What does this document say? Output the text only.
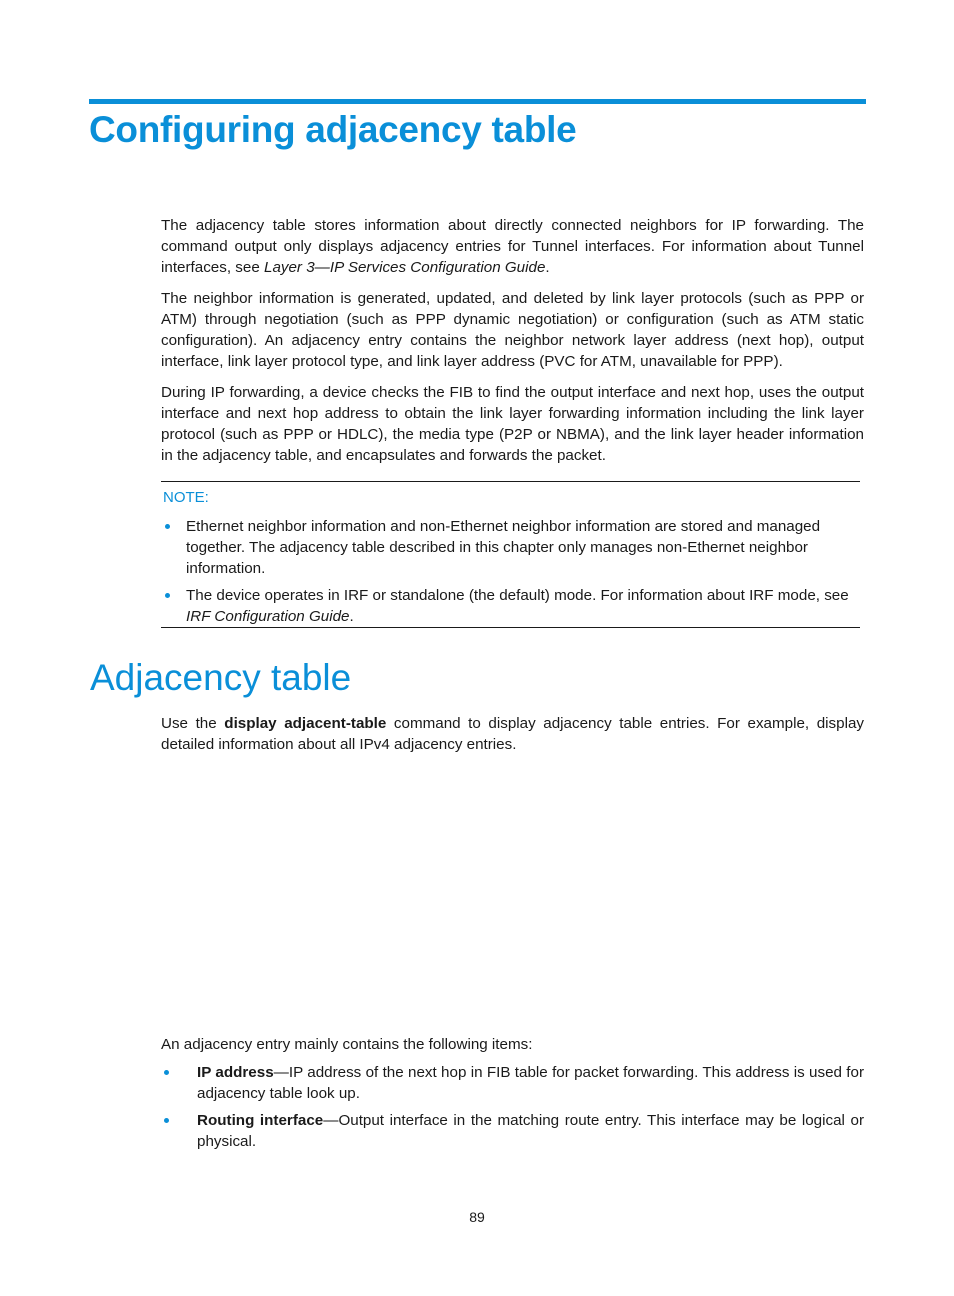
Configuring adjacency table

The adjacency table stores information about directly connected neighbors for IP forwarding. The command output only displays adjacency entries for Tunnel interfaces. For information about Tunnel interfaces, see Layer 3—IP Services Configuration Guide.

The neighbor information is generated, updated, and deleted by link layer protocols (such as PPP or ATM) through negotiation (such as PPP dynamic negotiation) or configuration (such as ATM static configuration). An adjacency entry contains the neighbor network layer address (next hop), output interface, link layer protocol type, and link layer address (PVC for ATM, unavailable for PPP).

During IP forwarding, a device checks the FIB to find the output interface and next hop, uses the output interface and next hop address to obtain the link layer forwarding information including the link layer protocol (such as PPP or HDLC), the media type (P2P or NBMA), and the link layer header information in the adjacency table, and encapsulates and forwards the packet.

NOTE:

Ethernet neighbor information and non-Ethernet neighbor information are stored and managed together. The adjacency table described in this chapter only manages non-Ethernet neighbor information.

The device operates in IRF or standalone (the default) mode. For information about IRF mode, see IRF Configuration Guide.

Adjacency table

Use the display adjacent-table command to display adjacency table entries. For example, display detailed information about all IPv4 adjacency entries.

An adjacency entry mainly contains the following items:

IP address—IP address of the next hop in FIB table for packet forwarding. This address is used for adjacency table look up.

Routing interface—Output interface in the matching route entry. This interface may be logical or physical.

89
